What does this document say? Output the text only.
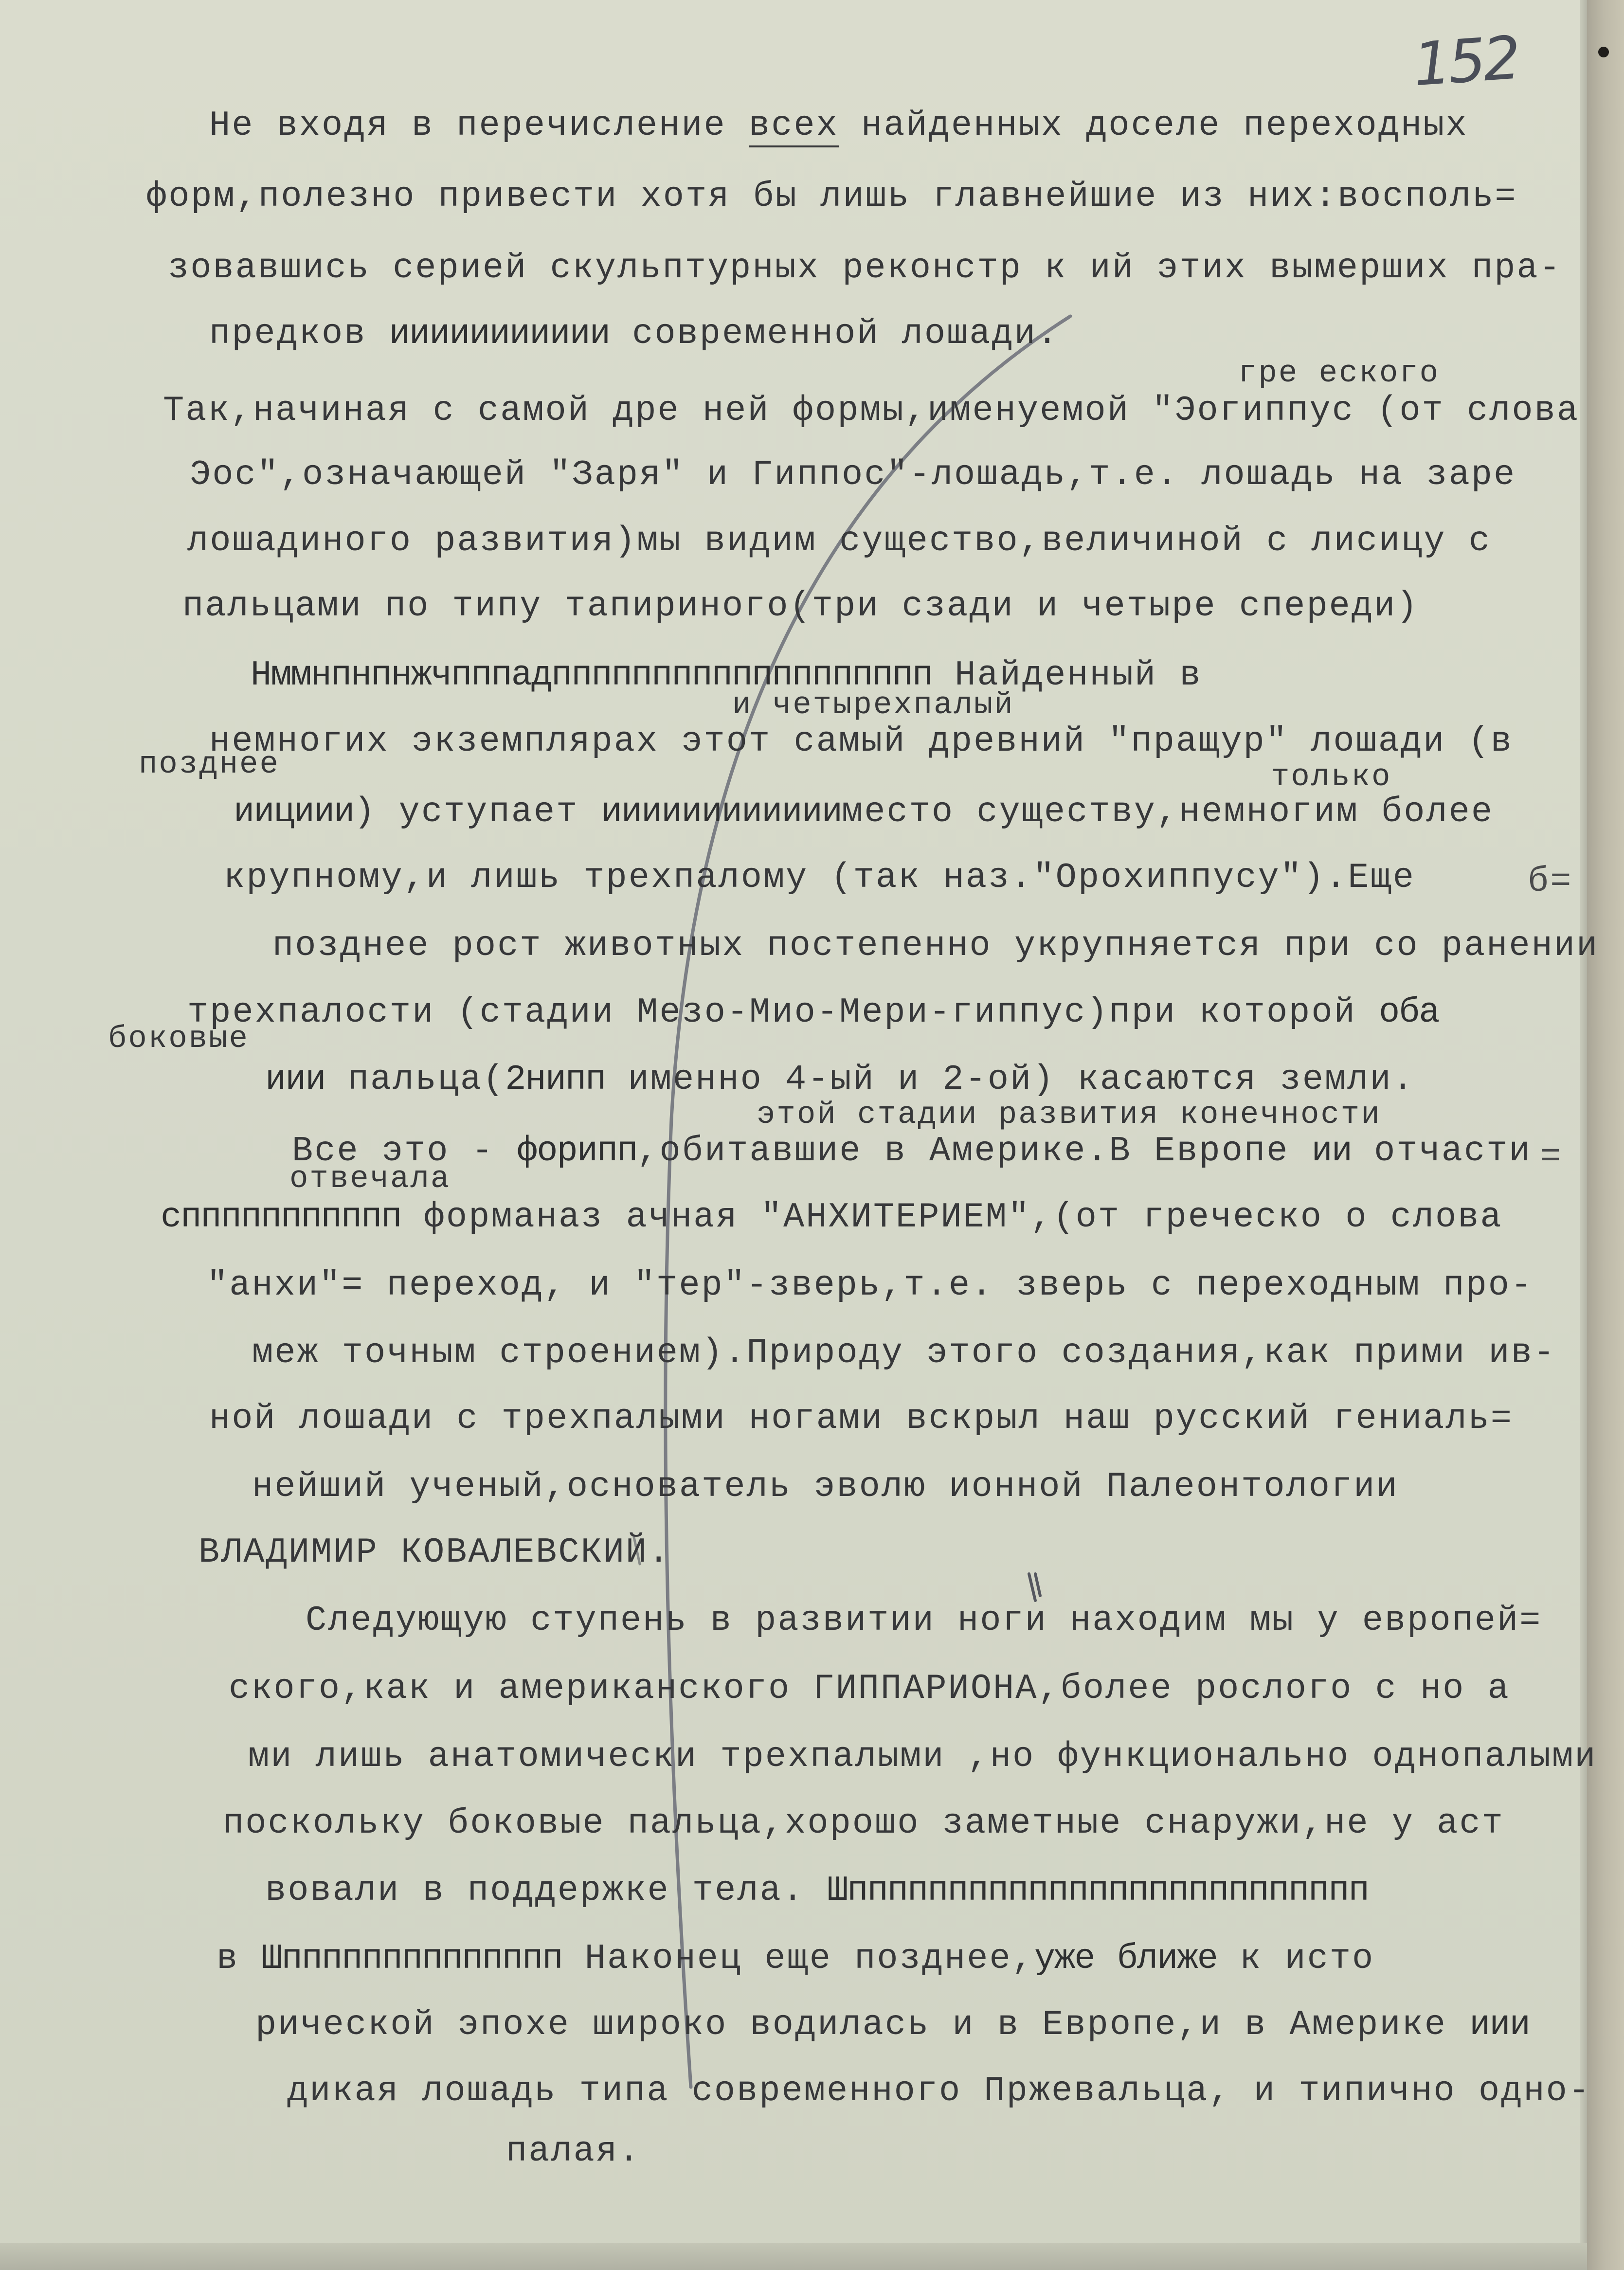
152
Не входя в перечисление всех найденных доселе переходных
форм,полезно привести хотя бы лишь главнейшие из них:восполь=
зовавшись серией скульптурных реконстр к ий этих вымерших пра-
предков иииииииииии современной лошади.
гре еского
Так,начиная с самой дре ней формы,именуемой "Эогиппус (от слова
Эос",означающей "Заря" и Гиппос"-лошадь,т.е. лошадь на заре
лошадиного развития)мы видим существо,величиной с лисицу с
пальцами по типу тапириного(три сзади и четыре спереди)
Нммнпнпнжчпппадппппппппппппппппппп Найденный в
и четырехпалый
немногих экземплярах этот самый древний "пращур" лошади (в
позднее	только
иициии) уступает ииииииииииииместо существу,немногим более
крупному,и лишь трехпалому (так наз."Орохиппусу").Еще
позднее рост животных постепенно укрупняется при со ранении
трехпалости (стадии Мезо-Мио-Мери-гиппус)при которой оба
боковые
иии пальца(2нипп именно 4-ый и 2-ой) касаются земли.
этой стадии развития конечности
Все это - форипп,обитавшие в Америке.В Европе ии отчасти
отвечала
сппппппппппп форманаз ачная "АНХИТЕРИЕМ",(от греческо о слова
"анхи"= переход, и "тер"-зверь,т.е. зверь с переходным про-
меж точным строением).Природу этого создания,как прими ив-
ной лошади с трехпалыми ногами вскрыл наш русский гениаль=
нейший ученый,основатель эволю ионной Палеонтологии
ВЛАДИМИР КОВАЛЕВСКИЙ.
Следующую ступень в развитии ноги находим мы у европей=
ского,как и американского ГИППАРИОНА,более рослого с но а
ми лишь анатомически трехпалыми ,но функционально однопалыми
поскольку боковые пальца,хорошо заметные снаружи,не у аст
вовали в поддержке тела. Шпппппппппппппппппппппппппп
в Шпппппппппппппп Наконец еще позднее,уже ближе к исто
рической эпохе широко водилась и в Европе,и в Америке иии
дикая лошадь типа современного Пржевальца, и типично одно-
палая.
б=
=
